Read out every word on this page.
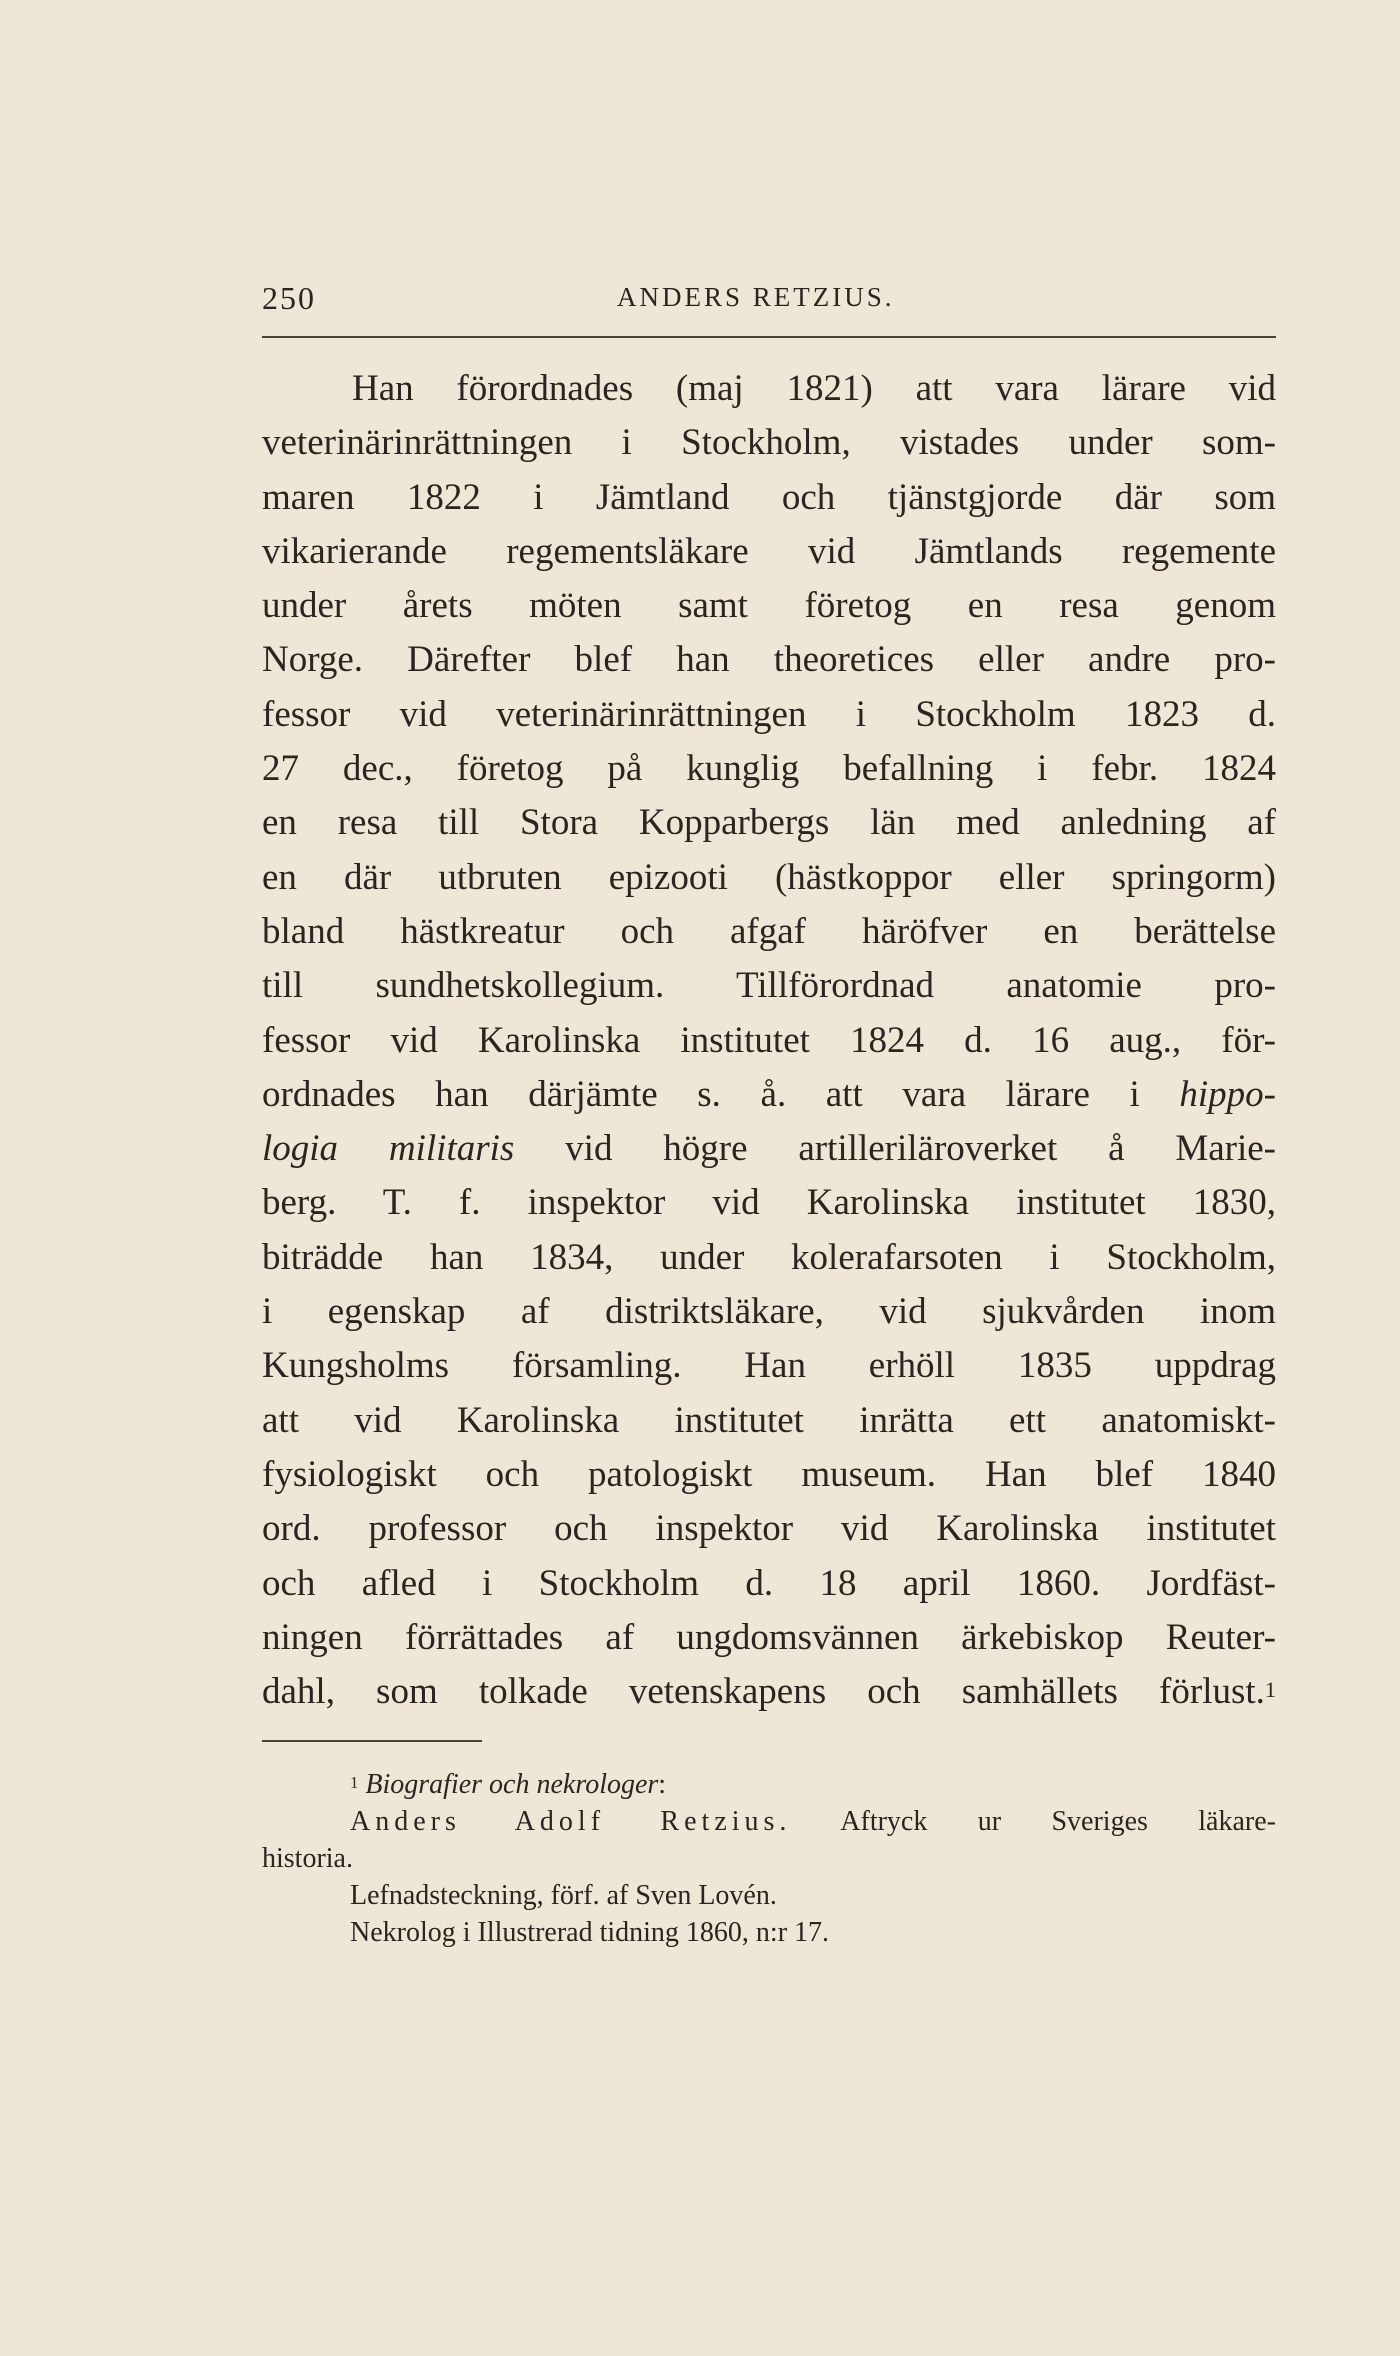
250	ANDERS RETZIUS.
Han förordnades (maj 1821) att vara lärare vid
veterinärinrättningen i Stockholm, vistades under som-
maren 1822 i Jämtland och tjänstgjorde där som
vikarierande regementsläkare vid Jämtlands regemente
under årets möten samt företog en resa genom
Norge. Därefter blef han theoretices eller andre pro-
fessor vid veterinärinrättningen i Stockholm 1823 d.
27 dec., företog på kunglig befallning i febr. 1824
en resa till Stora Kopparbergs län med anledning af
en där utbruten epizooti (hästkoppor eller springorm)
bland hästkreatur och afgaf häröfver en berättelse
till sundhetskollegium. Tillförordnad anatomie pro-
fessor vid Karolinska institutet 1824 d. 16 aug., för-
ordnades han därjämte s. å. att vara lärare i hippo-
logia militaris vid högre artilleriläroverket å Marie-
berg. T. f. inspektor vid Karolinska institutet 1830,
biträdde han 1834, under kolerafarsoten i Stockholm,
i egenskap af distriktsläkare, vid sjukvården inom
Kungsholms församling. Han erhöll 1835 uppdrag
att vid Karolinska institutet inrätta ett anatomiskt-
fysiologiskt och patologiskt museum. Han blef 1840
ord. professor och inspektor vid Karolinska institutet
och afled i Stockholm d. 18 april 1860. Jordfäst-
ningen förrättades af ungdomsvännen ärkebiskop Reuter-
dahl, som tolkade vetenskapens och samhällets förlust.$^1$
$^1$ Biografier och nekrologer:
Anders Adolf Retzius. Aftryck ur Sveriges läkare-
historia.
Lefnadsteckning, förf. af Sven Lovén.
Nekrolog i Illustrerad tidning 1860, n:r 17.
